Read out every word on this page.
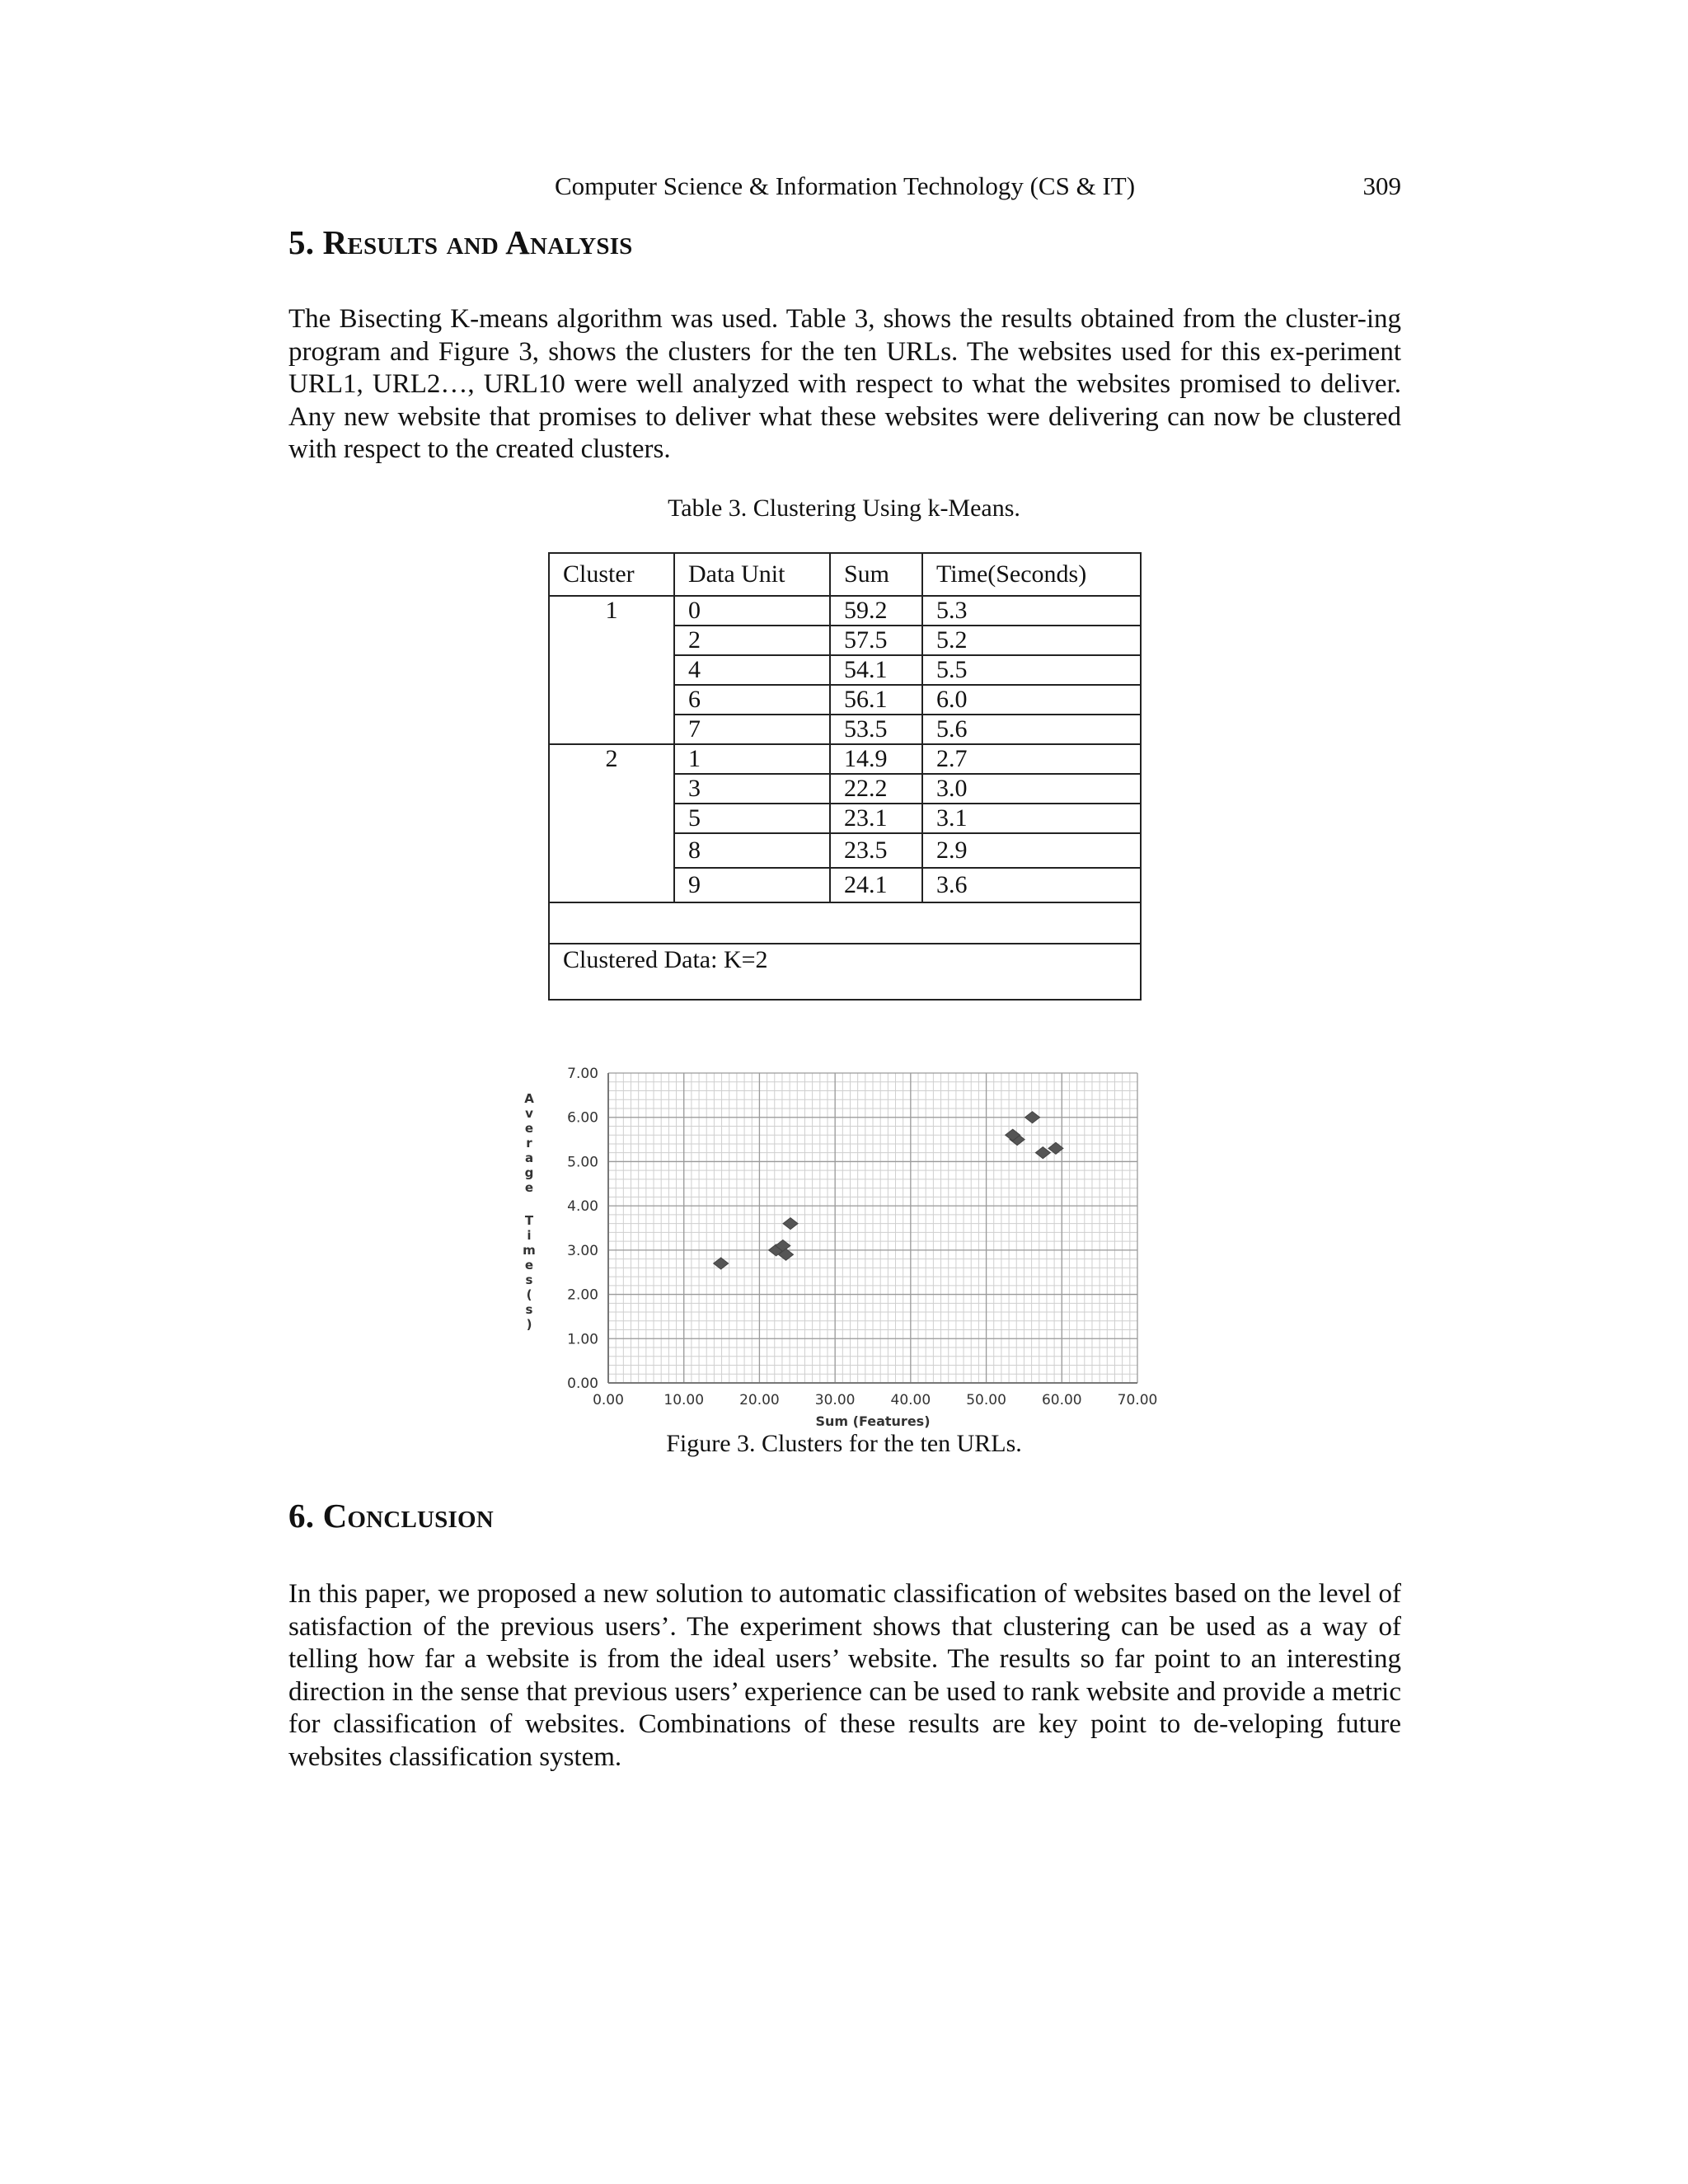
Computer Science & Information Technology (CS & IT)	309
5. Results and Analysis

The Bisecting K-means algorithm was used. Table 3, shows the results obtained from the cluster-ing program and Figure 3, shows the clusters for the ten URLs. The websites used for this ex-periment URL1, URL2…, URL10 were well analyzed with respect to what the websites promised to deliver. Any new website that promises to deliver what these websites were delivering can now be clustered with respect to the created clusters.

Table 3. Clustering Using k-Means.
Cluster	Data Unit	Sum	Time(Seconds)
1	0	59.2	5.3
	2	57.5	5.2
	4	54.1	5.5
	6	56.1	6.0
	7	53.5	5.6
2	1	14.9	2.7
	3	22.2	3.0
	5	23.1	3.1
	8	23.5	2.9
	9	24.1	3.6

Clustered Data: K=2			
0.00	10.00	20.00	30.00	40.00	50.00	60.00	70.00
0.00
1.00
2.00
3.00
4.00
5.00
6.00
7.00
Sum (Features)
A v e r a g e T i m e s ( s )
Figure 3. Clusters for the ten URLs.
6. Conclusion

In this paper, we proposed a new solution to automatic classification of websites based on the level of satisfaction of the previous users’. The experiment shows that clustering can be used as a way of telling how far a website is from the ideal users’ website. The results so far point to an interesting direction in the sense that previous users’ experience can be used to rank website and provide a metric for classification of websites. Combinations of these results are key point to de-veloping future websites classification system.
